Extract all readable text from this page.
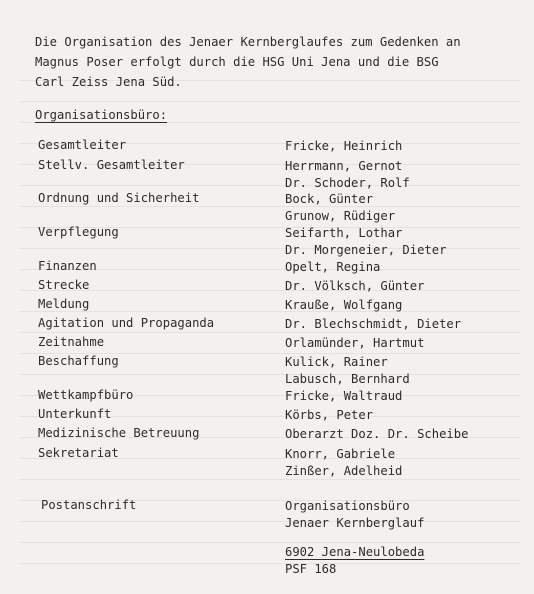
Die Organisation des Jenaer Kernberglaufes zum Gedenken an
Magnus Poser erfolgt durch die HSG Uni Jena und die BSG
Carl Zeiss Jena Süd.
Organisationsbüro:
Gesamtleiter	Fricke, Heinrich
Stellv. Gesamtleiter	Herrmann, Gernot
Dr. Schoder, Rolf
Ordnung und Sicherheit	Bock, Günter
Grunow, Rüdiger
Verpflegung	Seifarth, Lothar
Dr. Morgeneier, Dieter
Finanzen	Opelt, Regina
Strecke	Dr. Völksch, Günter
Meldung	Krauße, Wolfgang
Agitation und Propaganda	Dr. Blechschmidt, Dieter
Zeitnahme	Orlamünder, Hartmut
Beschaffung	Kulick, Rainer
Labusch, Bernhard
Wettkampfbüro	Fricke, Waltraud
Unterkunft	Körbs, Peter
Medizinische Betreuung	Oberarzt Doz. Dr. Scheibe
Sekretariat	Knorr, Gabriele
Zinßer, Adelheid
Postanschrift	Organisationsbüro
Jenaer Kernberglauf
6902 Jena-Neulobeda
PSF 168
